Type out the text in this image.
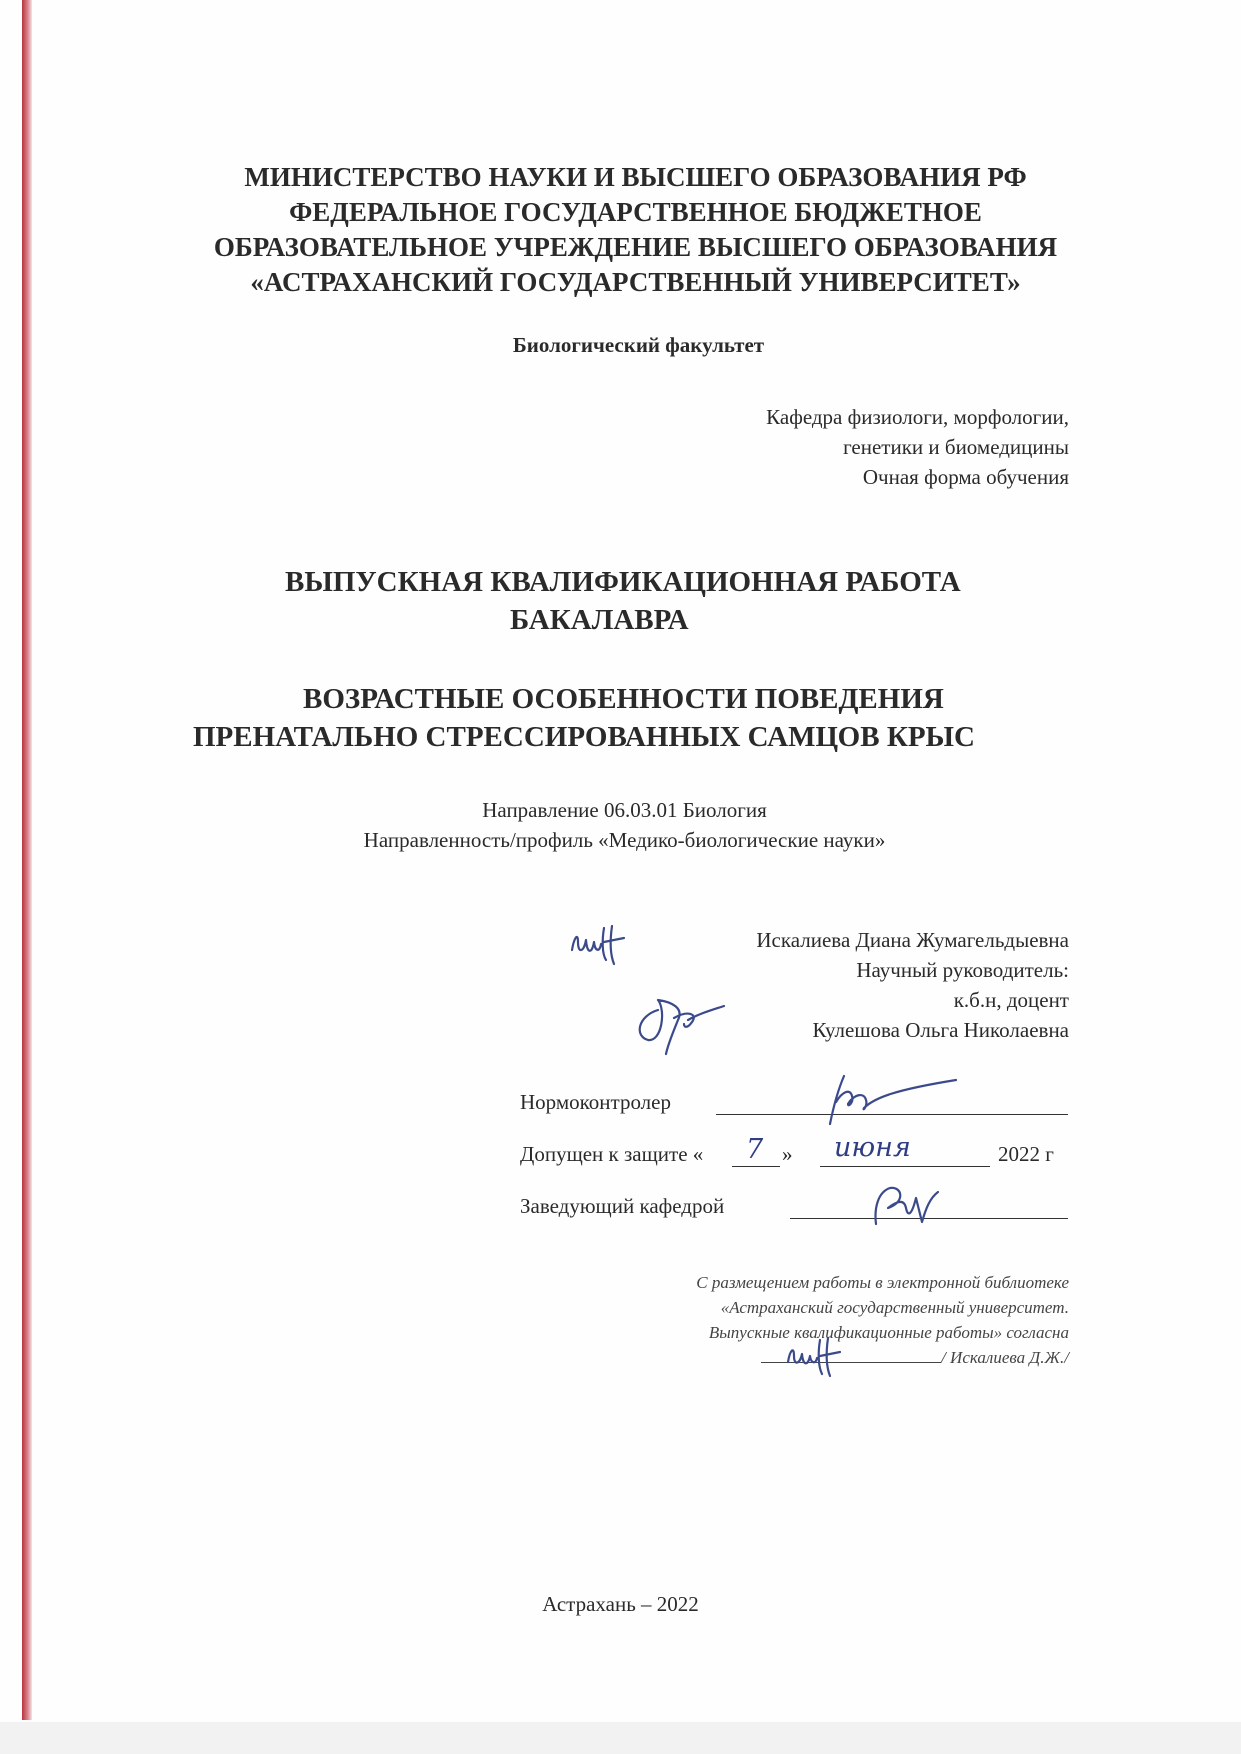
МИНИСТЕРСТВО НАУКИ И ВЫСШЕГО ОБРАЗОВАНИЯ РФ
ФЕДЕРАЛЬНОЕ ГОСУДАРСТВЕННОЕ БЮДЖЕТНОЕ
ОБРАЗОВАТЕЛЬНОЕ УЧРЕЖДЕНИЕ ВЫСШЕГО ОБРАЗОВАНИЯ
«АСТРАХАНСКИЙ ГОСУДАРСТВЕННЫЙ УНИВЕРСИТЕТ»
Биологический факультет
Кафедра физиологи, морфологии,
генетики и биомедицины
Очная форма обучения
ВЫПУСКНАЯ КВАЛИФИКАЦИОННАЯ РАБОТА
БАКАЛАВРА
ВОЗРАСТНЫЕ ОСОБЕННОСТИ ПОВЕДЕНИЯ
ПРЕНАТАЛЬНО СТРЕССИРОВАННЫХ САМЦОВ КРЫС
Направление 06.03.01 Биология
Направленность/профиль «Медико-биологические науки»
Искалиева Диана Жумагельдыевна
Научный руководитель:
к.б.н, доцент
Кулешова Ольга Николаевна
Нормоконтролер
Допущен к защите « 7 » июня	2022 г
Заведующий кафедрой
С размещением работы в электронной библиотеке
«Астраханский государственный университет.
Выпускные квалификационные работы» согласна
/ Искалиева Д.Ж./
Астрахань – 2022
